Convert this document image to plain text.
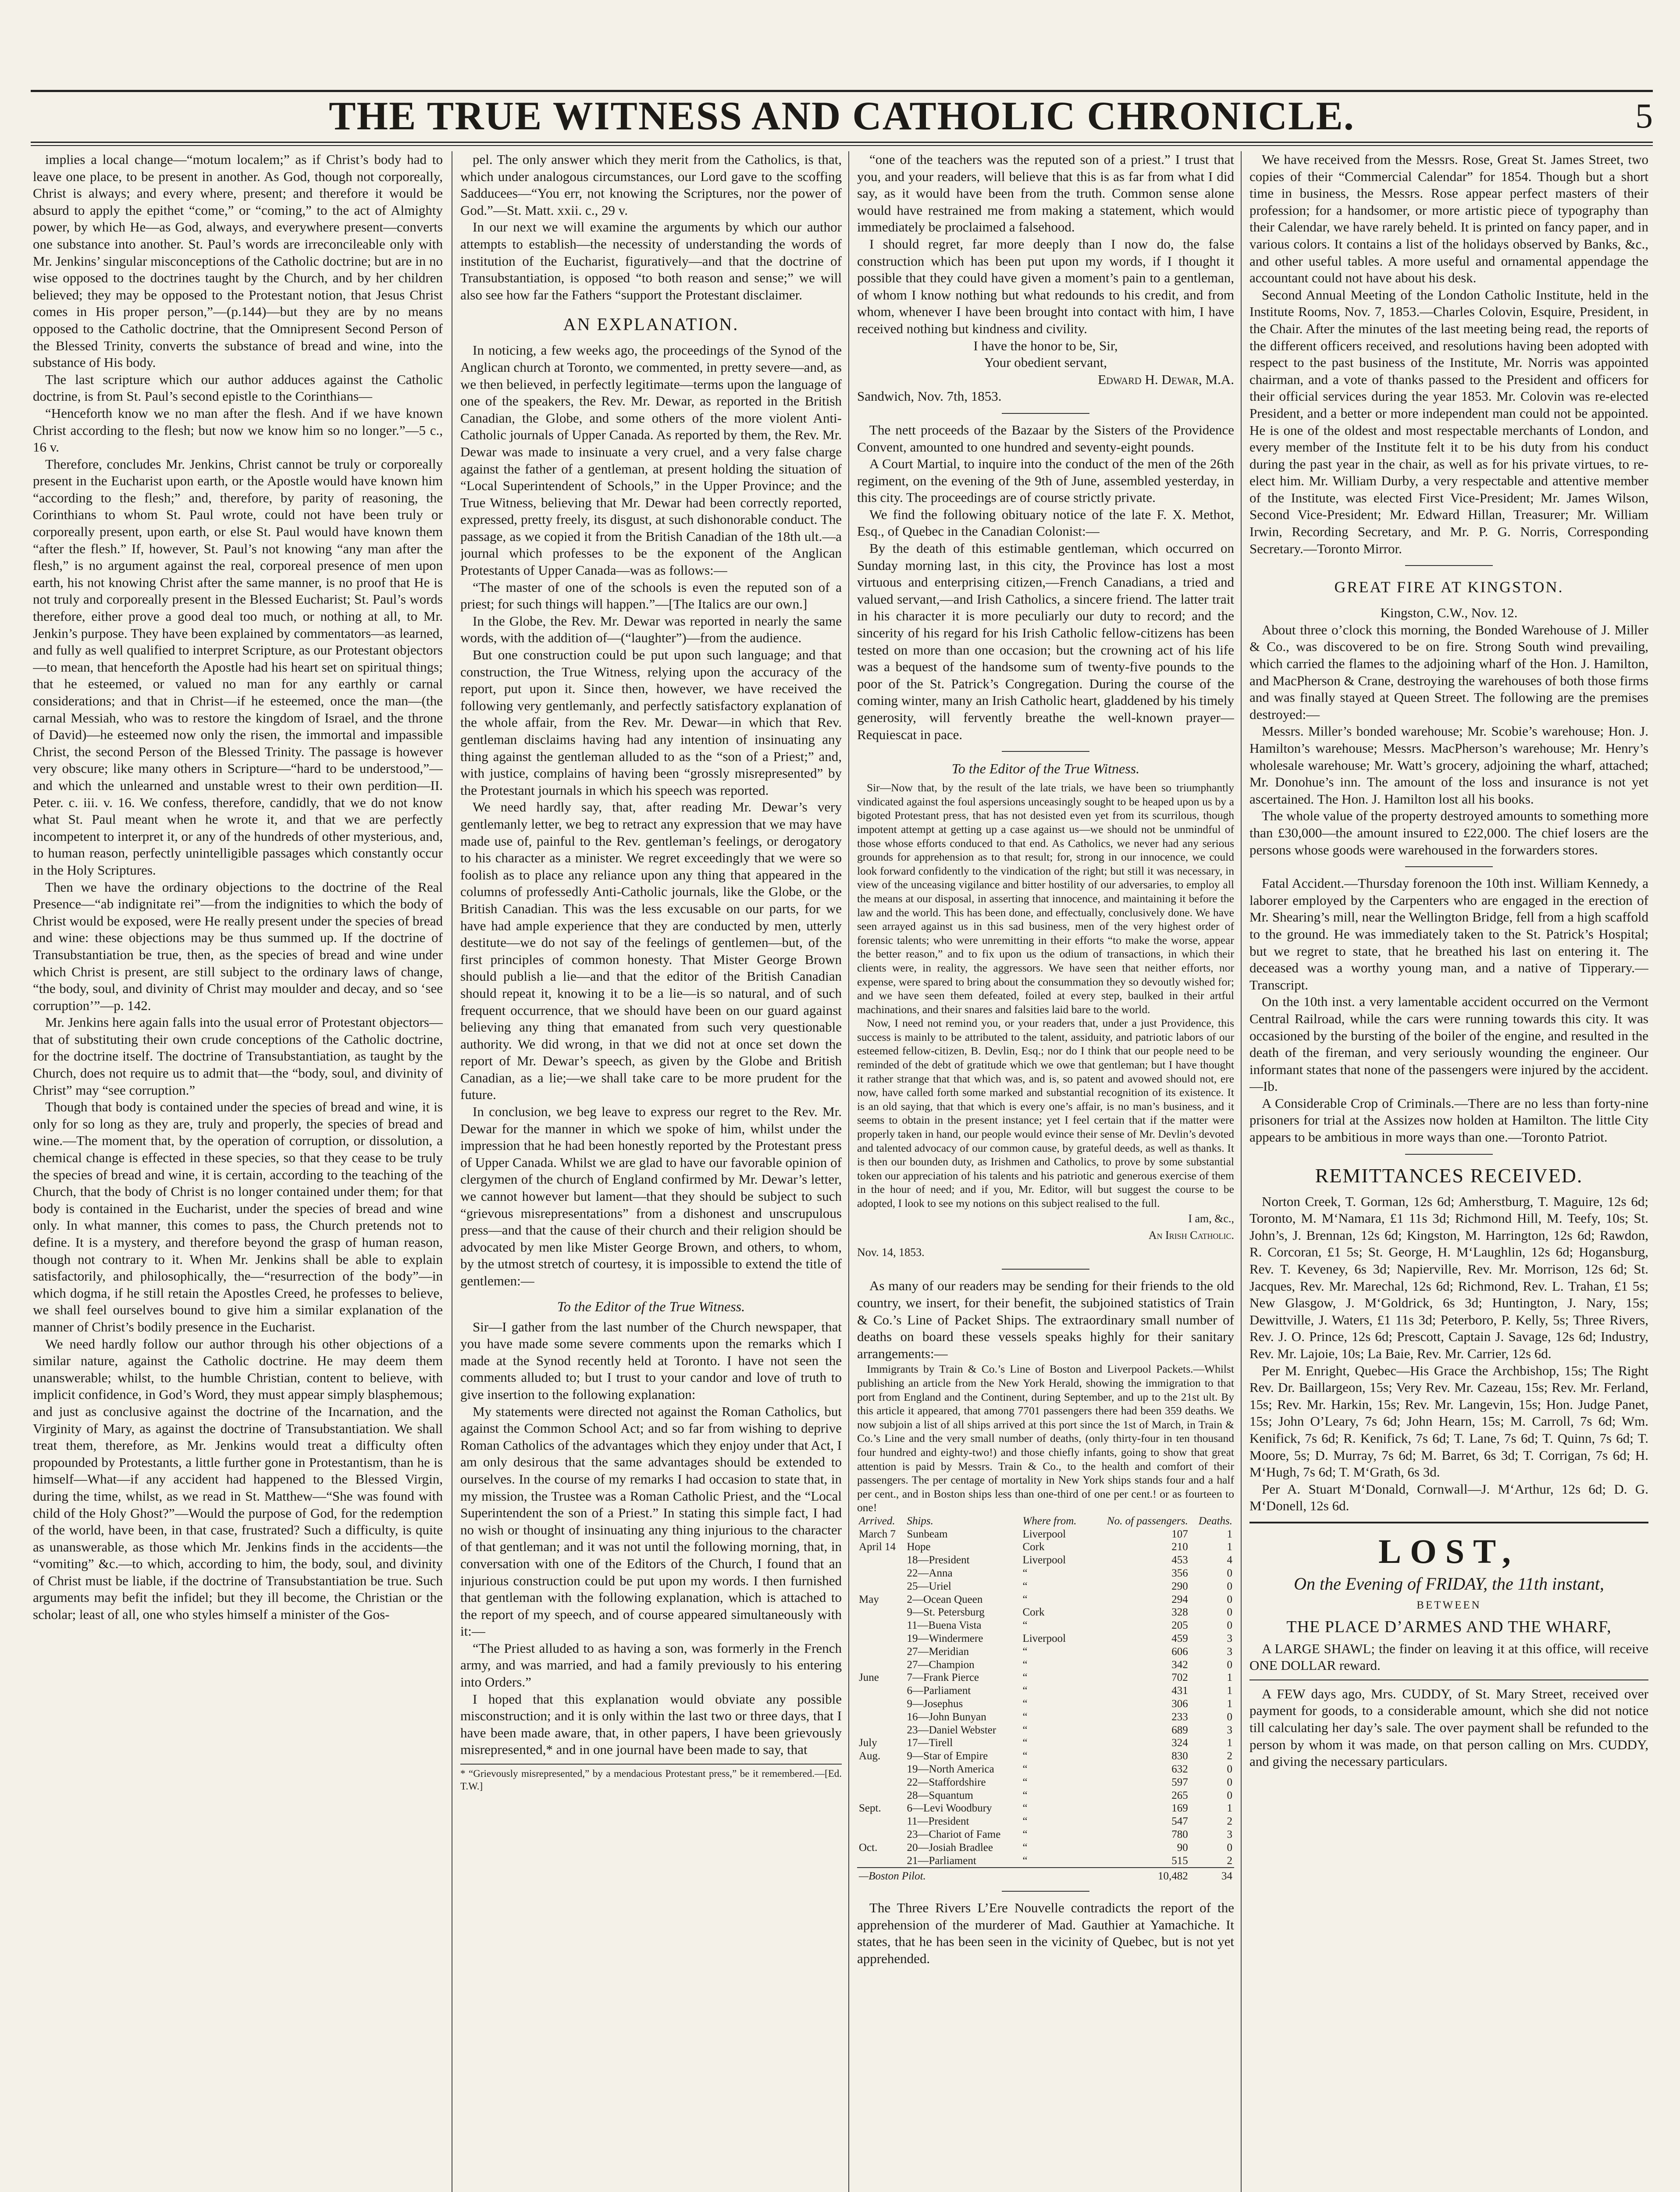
THE TRUE WITNESS AND CATHOLIC CHRONICLE.	5

implies a local change—“motum localem;” as if Christ’s body had to leave one place, to be present in another. As God, though not corporeally, Christ is always; and every where, present; and therefore it would be absurd to apply the epithet “come,” or “coming,” to the act of Almighty power, by which He—as God, always, and everywhere present—converts one substance into another. St. Paul’s words are irreconcileable only with Mr. Jenkins’ singular misconceptions of the Catholic doctrine; but are in no wise opposed to the doctrines taught by the Church, and by her children believed; they may be opposed to the Protestant notion, that Jesus Christ comes in His proper person,”—(p.144)—but they are by no means opposed to the Catholic doctrine, that the Omnipresent Second Person of the Blessed Trinity, converts the substance of bread and wine, into the substance of His body.

The last scripture which our author adduces against the Catholic doctrine, is from St. Paul’s second epistle to the Corinthians—

“Henceforth know we no man after the flesh. And if we have known Christ according to the flesh; but now we know him so no longer.”—5 c., 16 v.

Therefore, concludes Mr. Jenkins, Christ cannot be truly or corporeally present in the Eucharist upon earth, or the Apostle would have known him “according to the flesh;” and, therefore, by parity of reasoning, the Corinthians to whom St. Paul wrote, could not have been truly or corporeally present, upon earth, or else St. Paul would have known them “after the flesh.” If, however, St. Paul’s not knowing “any man after the flesh,” is no argument against the real, corporeal presence of men upon earth, his not knowing Christ after the same manner, is no proof that He is not truly and corporeally present in the Blessed Eucharist; St. Paul’s words therefore, either prove a good deal too much, or nothing at all, to Mr. Jenkin’s purpose. They have been explained by commentators—as learned, and fully as well qualified to interpret Scripture, as our Protestant objectors—to mean, that henceforth the Apostle had his heart set on spiritual things; that he esteemed, or valued no man for any earthly or carnal considerations; and that in Christ—if he esteemed, once the man—(the carnal Messiah, who was to restore the kingdom of Israel, and the throne of David)—he esteemed now only the risen, the immortal and impassible Christ, the second Person of the Blessed Trinity. The passage is however very obscure; like many others in Scripture—“hard to be understood,”—and which the unlearned and unstable wrest to their own perdition—II. Peter. c. iii. v. 16. We confess, therefore, candidly, that we do not know what St. Paul meant when he wrote it, and that we are perfectly incompetent to interpret it, or any of the hundreds of other mysterious, and, to human reason, perfectly unintelligible passages which constantly occur in the Holy Scriptures.

Then we have the ordinary objections to the doctrine of the Real Presence—“ab indignitate rei”—from the indignities to which the body of Christ would be exposed, were He really present under the species of bread and wine: these objections may be thus summed up. If the doctrine of Transubstantiation be true, then, as the species of bread and wine under which Christ is present, are still subject to the ordinary laws of change, “the body, soul, and divinity of Christ may moulder and decay, and so ‘see corruption’”—p. 142.

Mr. Jenkins here again falls into the usual error of Protestant objectors—that of substituting their own crude conceptions of the Catholic doctrine, for the doctrine itself. The doctrine of Transubstantiation, as taught by the Church, does not require us to admit that—the “body, soul, and divinity of Christ” may “see corruption.”

Though that body is contained under the species of bread and wine, it is only for so long as they are, truly and properly, the species of bread and wine.—The moment that, by the operation of corruption, or dissolution, a chemical change is effected in these species, so that they cease to be truly the species of bread and wine, it is certain, according to the teaching of the Church, that the body of Christ is no longer contained under them; for that body is contained in the Eucharist, under the species of bread and wine only. In what manner, this comes to pass, the Church pretends not to define. It is a mystery, and therefore beyond the grasp of human reason, though not contrary to it. When Mr. Jenkins shall be able to explain satisfactorily, and philosophically, the—“resurrection of the body”—in which dogma, if he still retain the Apostles Creed, he professes to believe, we shall feel ourselves bound to give him a similar explanation of the manner of Christ’s bodily presence in the Eucharist.

We need hardly follow our author through his other objections of a similar nature, against the Catholic doctrine. He may deem them unanswerable; whilst, to the humble Christian, content to believe, with implicit confidence, in God’s Word, they must appear simply blasphemous; and just as conclusive against the doctrine of the Incarnation, and the Virginity of Mary, as against the doctrine of Transubstantiation. We shall treat them, therefore, as Mr. Jenkins would treat a difficulty often propounded by Protestants, a little further gone in Protestantism, than he is himself—What—if any accident had happened to the Blessed Virgin, during the time, whilst, as we read in St. Matthew—“She was found with child of the Holy Ghost?”—Would the purpose of God, for the redemption of the world, have been, in that case, frustrated? Such a difficulty, is quite as unanswerable, as those which Mr. Jenkins finds in the accidents—the “vomiting” &c.—to which, according to him, the body, soul, and divinity of Christ must be liable, if the doctrine of Transubstantiation be true. Such arguments may befit the infidel; but they ill become, the Christian or the scholar; least of all, one who styles himself a minister of the Gos-

pel. The only answer which they merit from the Catholics, is that, which under analogous circumstances, our Lord gave to the scoffing Sadducees—“You err, not knowing the Scriptures, nor the power of God.”—St. Matt. xxii. c., 29 v.

In our next we will examine the arguments by which our author attempts to establish—the necessity of understanding the words of institution of the Eucharist, figuratively—and that the doctrine of Transubstantiation, is opposed “to both reason and sense;” we will also see how far the Fathers “support the Protestant disclaimer.

AN EXPLANATION.

In noticing, a few weeks ago, the proceedings of the Synod of the Anglican church at Toronto, we commented, in pretty severe—and, as we then believed, in perfectly legitimate—terms upon the language of one of the speakers, the Rev. Mr. Dewar, as reported in the British Canadian, the Globe, and some others of the more violent Anti-Catholic journals of Upper Canada. As reported by them, the Rev. Mr. Dewar was made to insinuate a very cruel, and a very false charge against the father of a gentleman, at present holding the situation of “Local Superintendent of Schools,” in the Upper Province; and the True Witness, believing that Mr. Dewar had been correctly reported, expressed, pretty freely, its disgust, at such dishonorable conduct. The passage, as we copied it from the British Canadian of the 18th ult.—a journal which professes to be the exponent of the Anglican Protestants of Upper Canada—was as follows:—

“The master of one of the schools is even the reputed son of a priest; for such things will happen.”—[The Italics are our own.]

In the Globe, the Rev. Mr. Dewar was reported in nearly the same words, with the addition of—(“laughter”)—from the audience.

But one construction could be put upon such language; and that construction, the True Witness, relying upon the accuracy of the report, put upon it. Since then, however, we have received the following very gentlemanly, and perfectly satisfactory explanation of the whole affair, from the Rev. Mr. Dewar—in which that Rev. gentleman disclaims having had any intention of insinuating any thing against the gentleman alluded to as the “son of a Priest;” and, with justice, complains of having been “grossly misrepresented” by the Protestant journals in which his speech was reported.

We need hardly say, that, after reading Mr. Dewar’s very gentlemanly letter, we beg to retract any expression that we may have made use of, painful to the Rev. gentleman’s feelings, or derogatory to his character as a minister. We regret exceedingly that we were so foolish as to place any reliance upon any thing that appeared in the columns of professedly Anti-Catholic journals, like the Globe, or the British Canadian. This was the less excusable on our parts, for we have had ample experience that they are conducted by men, utterly destitute—we do not say of the feelings of gentlemen—but, of the first principles of common honesty. That Mister George Brown should publish a lie—and that the editor of the British Canadian should repeat it, knowing it to be a lie—is so natural, and of such frequent occurrence, that we should have been on our guard against believing any thing that emanated from such very questionable authority. We did wrong, in that we did not at once set down the report of Mr. Dewar’s speech, as given by the Globe and British Canadian, as a lie;—we shall take care to be more prudent for the future.

In conclusion, we beg leave to express our regret to the Rev. Mr. Dewar for the manner in which we spoke of him, whilst under the impression that he had been honestly reported by the Protestant press of Upper Canada. Whilst we are glad to have our favorable opinion of clergymen of the church of England confirmed by Mr. Dewar’s letter, we cannot however but lament—that they should be subject to such “grievous misrepresentations” from a dishonest and unscrupulous press—and that the cause of their church and their religion should be advocated by men like Mister George Brown, and others, to whom, by the utmost stretch of courtesy, it is impossible to extend the title of gentlemen:—

To the Editor of the True Witness.

Sir—I gather from the last number of the Church newspaper, that you have made some severe comments upon the remarks which I made at the Synod recently held at Toronto. I have not seen the comments alluded to; but I trust to your candor and love of truth to give insertion to the following explanation:

My statements were directed not against the Roman Catholics, but against the Common School Act; and so far from wishing to deprive Roman Catholics of the advantages which they enjoy under that Act, I am only desirous that the same advantages should be extended to ourselves. In the course of my remarks I had occasion to state that, in my mission, the Trustee was a Roman Catholic Priest, and the “Local Superintendent the son of a Priest.” In stating this simple fact, I had no wish or thought of insinuating any thing injurious to the character of that gentleman; and it was not until the following morning, that, in conversation with one of the Editors of the Church, I found that an injurious construction could be put upon my words. I then furnished that gentleman with the following explanation, which is attached to the report of my speech, and of course appeared simultaneously with it:—

“The Priest alluded to as having a son, was formerly in the French army, and was married, and had a family previously to his entering into Orders.”

I hoped that this explanation would obviate any possible misconstruction; and it is only within the last two or three days, that I have been made aware, that, in other papers, I have been grievously misrepresented,* and in one journal have been made to say, that

* “Grievously misrepresented,” by a mendacious Protestant press,” be it remembered.—[Ed. T.W.]

“one of the teachers was the reputed son of a priest.” I trust that you, and your readers, will believe that this is as far from what I did say, as it would have been from the truth. Common sense alone would have restrained me from making a statement, which would immediately be proclaimed a falsehood.

I should regret, far more deeply than I now do, the false construction which has been put upon my words, if I thought it possible that they could have given a moment’s pain to a gentleman, of whom I know nothing but what redounds to his credit, and from whom, whenever I have been brought into contact with him, I have received nothing but kindness and civility.

I have the honor to be, Sir,

Your obedient servant,

Edward H. Dewar, M.A.

Sandwich, Nov. 7th, 1853.

The nett proceeds of the Bazaar by the Sisters of the Providence Convent, amounted to one hundred and seventy-eight pounds.

A Court Martial, to inquire into the conduct of the men of the 26th regiment, on the evening of the 9th of June, assembled yesterday, in this city. The proceedings are of course strictly private.

We find the following obituary notice of the late F. X. Methot, Esq., of Quebec in the Canadian Colonist:—

By the death of this estimable gentleman, which occurred on Sunday morning last, in this city, the Province has lost a most virtuous and enterprising citizen,—French Canadians, a tried and valued servant,—and Irish Catholics, a sincere friend. The latter trait in his character it is more peculiarly our duty to record; and the sincerity of his regard for his Irish Catholic fellow-citizens has been tested on more than one occasion; but the crowning act of his life was a bequest of the handsome sum of twenty-five pounds to the poor of the St. Patrick’s Congregation. During the course of the coming winter, many an Irish Catholic heart, gladdened by his timely generosity, will fervently breathe the well-known prayer—Requiescat in pace.

To the Editor of the True Witness.

Sir—Now that, by the result of the late trials, we have been so triumphantly vindicated against the foul aspersions unceasingly sought to be heaped upon us by a bigoted Protestant press, that has not desisted even yet from its scurrilous, though impotent attempt at getting up a case against us—we should not be unmindful of those whose efforts conduced to that end. As Catholics, we never had any serious grounds for apprehension as to that result; for, strong in our innocence, we could look forward confidently to the vindication of the right; but still it was necessary, in view of the unceasing vigilance and bitter hostility of our adversaries, to employ all the means at our disposal, in asserting that innocence, and maintaining it before the law and the world. This has been done, and effectually, conclusively done. We have seen arrayed against us in this sad business, men of the very highest order of forensic talents; who were unremitting in their efforts “to make the worse, appear the better reason,” and to fix upon us the odium of transactions, in which their clients were, in reality, the aggressors. We have seen that neither efforts, nor expense, were spared to bring about the consummation they so devoutly wished for; and we have seen them defeated, foiled at every step, baulked in their artful machinations, and their snares and falsities laid bare to the world.

Now, I need not remind you, or your readers that, under a just Providence, this success is mainly to be attributed to the talent, assiduity, and patriotic labors of our esteemed fellow-citizen, B. Devlin, Esq.; nor do I think that our people need to be reminded of the debt of gratitude which we owe that gentleman; but I have thought it rather strange that that which was, and is, so patent and avowed should not, ere now, have called forth some marked and substantial recognition of its existence. It is an old saying, that that which is every one’s affair, is no man’s business, and it seems to obtain in the present instance; yet I feel certain that if the matter were properly taken in hand, our people would evince their sense of Mr. Devlin’s devoted and talented advocacy of our common cause, by grateful deeds, as well as thanks. It is then our bounden duty, as Irishmen and Catholics, to prove by some substantial token our appreciation of his talents and his patriotic and generous exercise of them in the hour of need; and if you, Mr. Editor, will but suggest the course to be adopted, I look to see my notions on this subject realised to the full.

I am, &c.,

An Irish Catholic.

Nov. 14, 1853.

As many of our readers may be sending for their friends to the old country, we insert, for their benefit, the subjoined statistics of Train & Co.’s Line of Packet Ships. The extraordinary small number of deaths on board these vessels speaks highly for their sanitary arrangements:—

Immigrants by Train & Co.’s Line of Boston and Liverpool Packets.—Whilst publishing an article from the New York Herald, showing the immigration to that port from England and the Continent, during September, and up to the 21st ult. By this article it appeared, that among 7701 passengers there had been 359 deaths. We now subjoin a list of all ships arrived at this port since the 1st of March, in Train & Co.’s Line and the very small number of deaths, (only thirty-four in ten thousand four hundred and eighty-two!) and those chiefly infants, going to show that great attention is paid by Messrs. Train & Co., to the health and comfort of their passengers. The per centage of mortality in New York ships stands four and a half per cent., and in Boston ships less than one-third of one per cent.! or as fourteen to one!

Arrived.	Ships.	Where from.	No. of passengers.	Deaths.
March 7	Sunbeam	Liverpool	107	1
April 14	Hope	Cork	210	1
	18—President	Liverpool	453	4
	22—Anna	“	356	0
	25—Uriel	“	290	0
May	2—Ocean Queen	“	294	0
	9—St. Petersburg	Cork	328	0
	11—Buena Vista	“	205	0
	19—Windermere	Liverpool	459	3
	27—Meridian	“	606	3
	27—Champion	“	342	0
June	7—Frank Pierce	“	702	1
	6—Parliament	“	431	1
	9—Josephus	“	306	1
	16—John Bunyan	“	233	0
	23—Daniel Webster	“	689	3
July	17—Tirell	“	324	1
Aug.	9—Star of Empire	“	830	2
	19—North America	“	632	0
	22—Staffordshire	“	597	0
	28—Squantum	“	265	0
Sept.	6—Levi Woodbury	“	169	1
	11—President	“	547	2
	23—Chariot of Fame	“	780	3
Oct.	20—Josiah Bradlee	“	90	0
	21—Parliament	“	515	2
—Boston Pilot.			10,482	34

The Three Rivers L’Ere Nouvelle contradicts the report of the apprehension of the murderer of Mad. Gauthier at Yamachiche. It states, that he has been seen in the vicinity of Quebec, but is not yet apprehended.

We have received from the Messrs. Rose, Great St. James Street, two copies of their “Commercial Calendar” for 1854. Though but a short time in business, the Messrs. Rose appear perfect masters of their profession; for a handsomer, or more artistic piece of typography than their Calendar, we have rarely beheld. It is printed on fancy paper, and in various colors. It contains a list of the holidays observed by Banks, &c., and other useful tables. A more useful and ornamental appendage the accountant could not have about his desk.

Second Annual Meeting of the London Catholic Institute, held in the Institute Rooms, Nov. 7, 1853.—Charles Colovin, Esquire, President, in the Chair. After the minutes of the last meeting being read, the reports of the different officers received, and resolutions having been adopted with respect to the past business of the Institute, Mr. Norris was appointed chairman, and a vote of thanks passed to the President and officers for their official services during the year 1853. Mr. Colovin was re-elected President, and a better or more independent man could not be appointed. He is one of the oldest and most respectable merchants of London, and every member of the Institute felt it to be his duty from his conduct during the past year in the chair, as well as for his private virtues, to re-elect him. Mr. William Durby, a very respectable and attentive member of the Institute, was elected First Vice-President; Mr. James Wilson, Second Vice-President; Mr. Edward Hillan, Treasurer; Mr. William Irwin, Recording Secretary, and Mr. P. G. Norris, Corresponding Secretary.—Toronto Mirror.

GREAT FIRE AT KINGSTON.

Kingston, C.W., Nov. 12.

About three o’clock this morning, the Bonded Warehouse of J. Miller & Co., was discovered to be on fire. Strong South wind prevailing, which carried the flames to the adjoining wharf of the Hon. J. Hamilton, and MacPherson & Crane, destroying the warehouses of both those firms and was finally stayed at Queen Street. The following are the premises destroyed:—

Messrs. Miller’s bonded warehouse; Mr. Scobie’s warehouse; Hon. J. Hamilton’s warehouse; Messrs. MacPherson’s warehouse; Mr. Henry’s wholesale warehouse; Mr. Watt’s grocery, adjoining the wharf, attached; Mr. Donohue’s inn. The amount of the loss and insurance is not yet ascertained. The Hon. J. Hamilton lost all his books.

The whole value of the property destroyed amounts to something more than £30,000—the amount insured to £22,000. The chief losers are the persons whose goods were warehoused in the forwarders stores.

Fatal Accident.—Thursday forenoon the 10th inst. William Kennedy, a laborer employed by the Carpenters who are engaged in the erection of Mr. Shearing’s mill, near the Wellington Bridge, fell from a high scaffold to the ground. He was immediately taken to the St. Patrick’s Hospital; but we regret to state, that he breathed his last on entering it. The deceased was a worthy young man, and a native of Tipperary.—Transcript.

On the 10th inst. a very lamentable accident occurred on the Vermont Central Railroad, while the cars were running towards this city. It was occasioned by the bursting of the boiler of the engine, and resulted in the death of the fireman, and very seriously wounding the engineer. Our informant states that none of the passengers were injured by the accident.—Ib.

A Considerable Crop of Criminals.—There are no less than forty-nine prisoners for trial at the Assizes now holden at Hamilton. The little City appears to be ambitious in more ways than one.—Toronto Patriot.

REMITTANCES RECEIVED.

Norton Creek, T. Gorman, 12s 6d; Amherstburg, T. Maguire, 12s 6d; Toronto, M. M‘Namara, £1 11s 3d; Richmond Hill, M. Teefy, 10s; St. John’s, J. Brennan, 12s 6d; Kingston, M. Harrington, 12s 6d; Rawdon, R. Corcoran, £1 5s; St. George, H. M‘Laughlin, 12s 6d; Hogansburg, Rev. T. Keveney, 6s 3d; Napierville, Rev. Mr. Morrison, 12s 6d; St. Jacques, Rev. Mr. Marechal, 12s 6d; Richmond, Rev. L. Trahan, £1 5s; New Glasgow, J. M‘Goldrick, 6s 3d; Huntington, J. Nary, 15s; Dewittville, J. Waters, £1 11s 3d; Peterboro, P. Kelly, 5s; Three Rivers, Rev. J. O. Prince, 12s 6d; Prescott, Captain J. Savage, 12s 6d; Industry, Rev. Mr. Lajoie, 10s; La Baie, Rev. Mr. Carrier, 12s 6d.

Per M. Enright, Quebec—His Grace the Archbishop, 15s; The Right Rev. Dr. Baillargeon, 15s; Very Rev. Mr. Cazeau, 15s; Rev. Mr. Ferland, 15s; Rev. Mr. Harkin, 15s; Rev. Mr. Langevin, 15s; Hon. Judge Panet, 15s; John O’Leary, 7s 6d; John Hearn, 15s; M. Carroll, 7s 6d; Wm. Kenifick, 7s 6d; R. Kenifick, 7s 6d; T. Lane, 7s 6d; T. Quinn, 7s 6d; T. Moore, 5s; D. Murray, 7s 6d; M. Barret, 6s 3d; T. Corrigan, 7s 6d; H. M‘Hugh, 7s 6d; T. M‘Grath, 6s 3d.

Per A. Stuart M‘Donald, Cornwall—J. M‘Arthur, 12s 6d; D. G. M‘Donell, 12s 6d.

LOST,
On the Evening of FRIDAY, the 11th instant,
BETWEEN
THE PLACE D’ARMES AND THE WHARF,

A LARGE SHAWL; the finder on leaving it at this office, will receive ONE DOLLAR reward.

A FEW days ago, Mrs. CUDDY, of St. Mary Street, received over payment for goods, to a considerable amount, which she did not notice till calculating her day’s sale. The over payment shall be refunded to the person by whom it was made, on that person calling on Mrs. CUDDY, and giving the necessary particulars.
